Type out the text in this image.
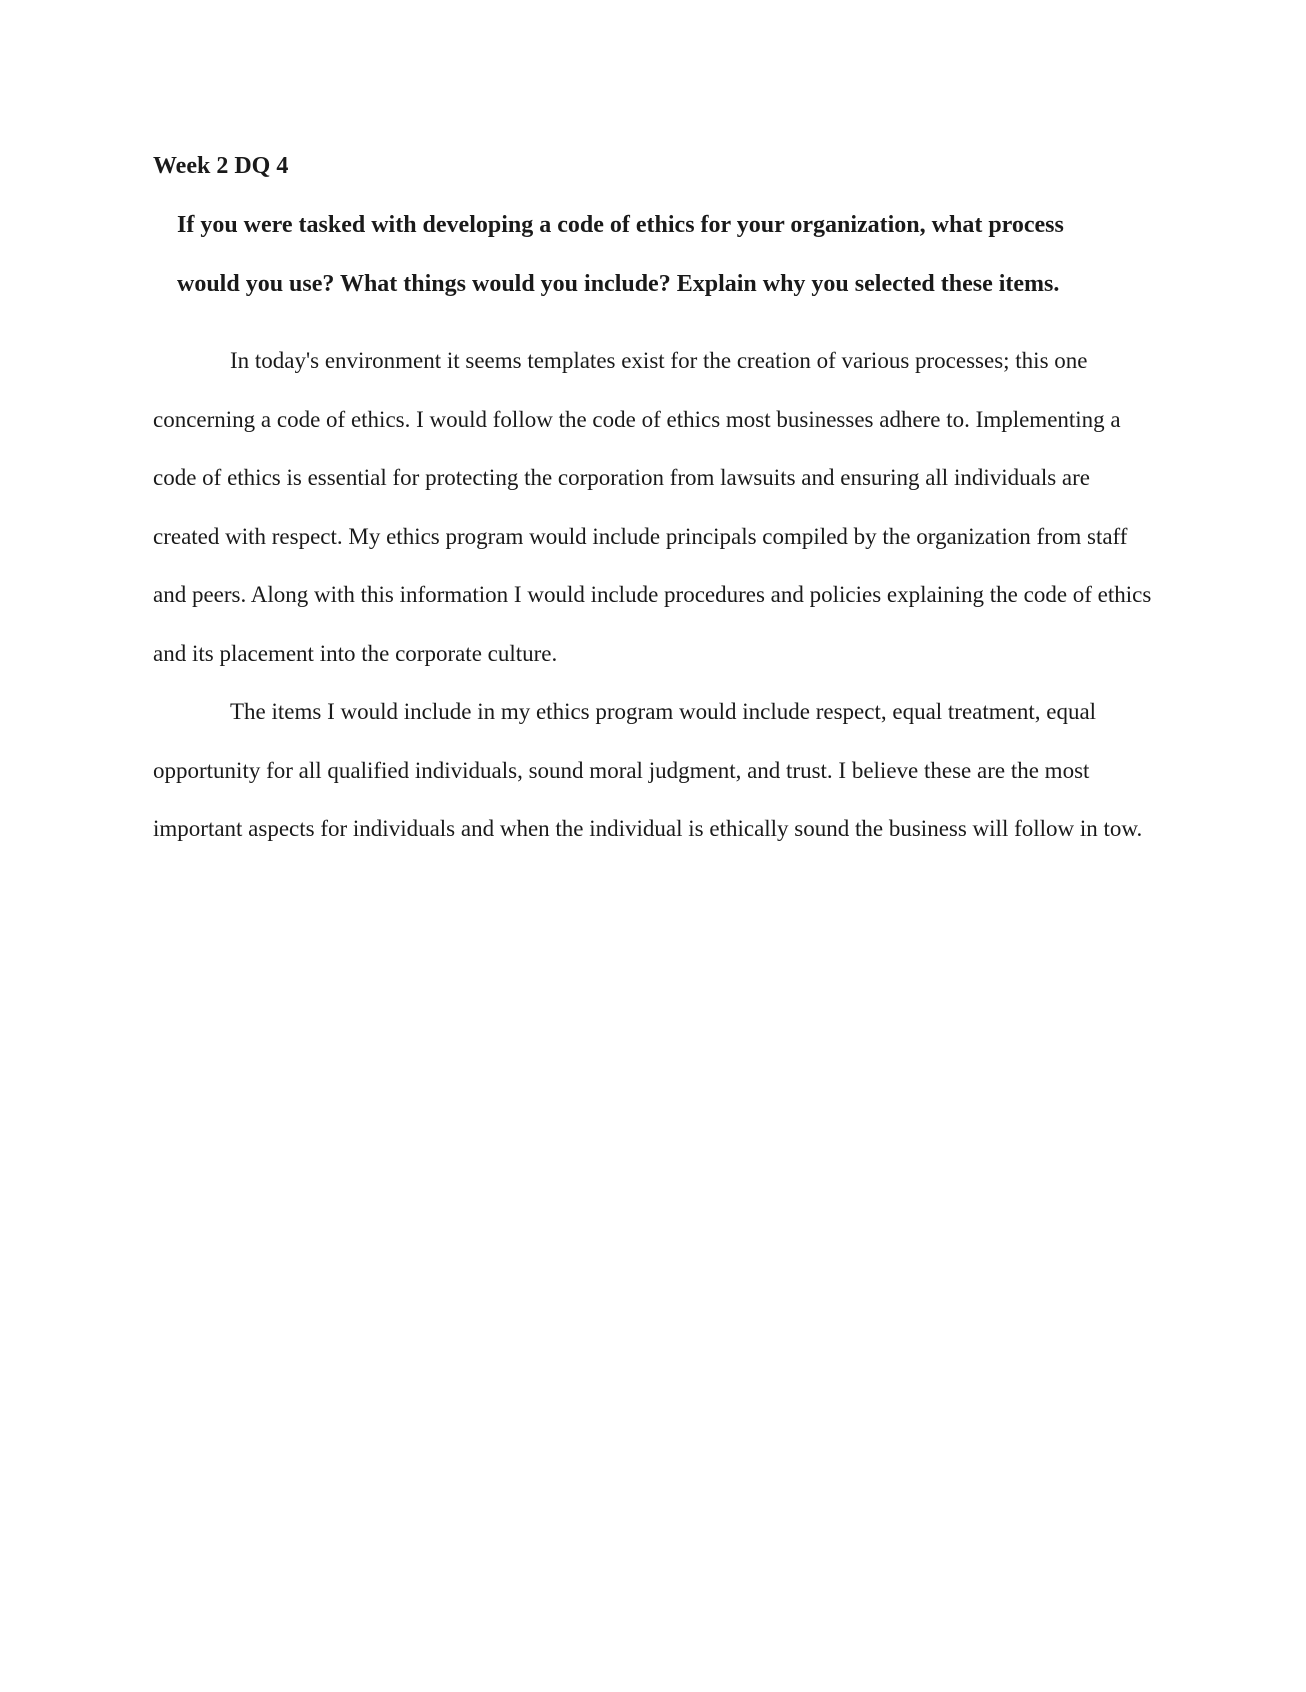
Week 2 DQ 4
If you were tasked with developing a code of ethics for your organization, what process
would you use? What things would you include? Explain why you selected these items.

In today's environment it seems templates exist for the creation of various processes; this one concerning a code of ethics. I would follow the code of ethics most businesses adhere to. Implementing a code of ethics is essential for protecting the corporation from lawsuits and ensuring all individuals are created with respect. My ethics program would include principals compiled by the organization from staff and peers. Along with this information I would include procedures and policies explaining the code of ethics and its placement into the corporate culture.

The items I would include in my ethics program would include respect, equal treatment, equal opportunity for all qualified individuals, sound moral judgment, and trust. I believe these are the most important aspects for individuals and when the individual is ethically sound the business will follow in tow.
